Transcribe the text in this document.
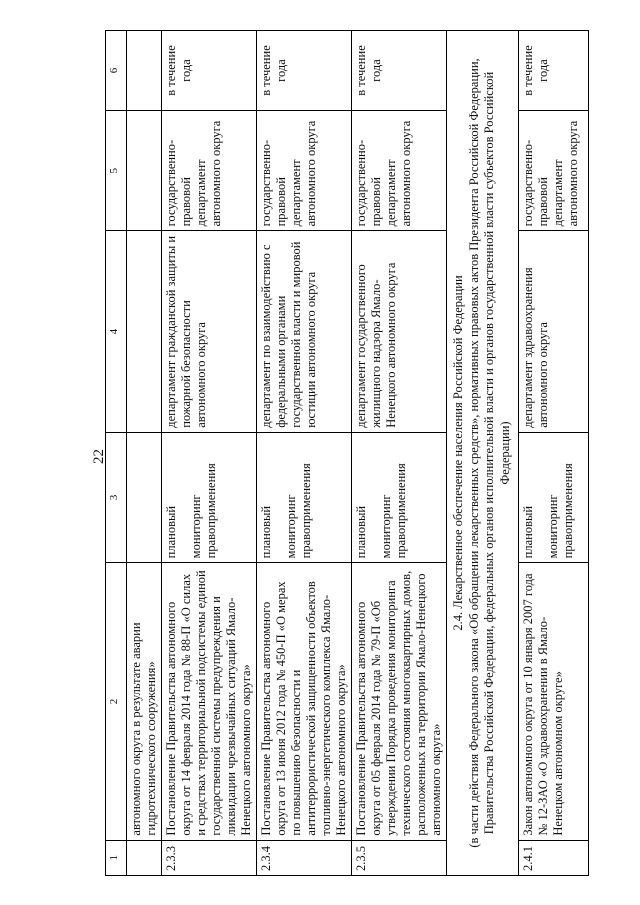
22
1	2	3	4	5	6
	автономного округа в результате аварии гидротехнического сооружения»				
2.3.3	Постановление Правительства автономного округа от 14 февраля 2014 года № 88-П «О силах и средствах территориальной подсистемы единой государственной системы предупреждения и ликвидации чрезвычайных ситуаций Ямало-Ненецкого автономного округа»	плановый мониторинг правоприменения	департамент гражданской защиты и пожарной безопасности автономного округа	государственно-правовой департамент автономного округа	в течение года
2.3.4	Постановление Правительства автономного округа от 13 июня 2012 года № 450-П «О мерах по повышению безопасности и антитеррористической защищенности объектов топливно-энергетического комплекса Ямало-Ненецкого автономного округа»	плановый мониторинг правоприменения	департамент по взаимодействию с федеральными органами государственной власти и мировой юстиции автономного округа	государственно-правовой департамент автономного округа	в течение года
2.3.5	Постановление Правительства автономного округа от 05 февраля 2014 года № 79-П «Об утверждении Порядка проведения мониторинга технического состояния многоквартирных домов, расположенных на территории Ямало-Ненецкого автономного округа»	плановый мониторинг правоприменения	департамент государственного жилищного надзора Ямало-Ненецкого автономного округа	государственно-правовой департамент автономного округа	в течение года

2.4. Лекарственное обеспечение населения Российской Федерации (в части действия Федерального закона «Об обращении лекарственных средств», нормативных правовых актов Президента Российской Федерации, Правительства Российской Федерации, федеральных органов исполнительной власти и органов государственной власти субъектов Российской Федерации)					

2.4.1	Закон автономного округа от 10 января 2007 года № 12-ЗАО «О здравоохранении в Ямало-Ненецком автономном округе»	плановый мониторинг правоприменения	департамент здравоохранения автономного округа	государственно-правовой департамент автономного округа	в течение года
